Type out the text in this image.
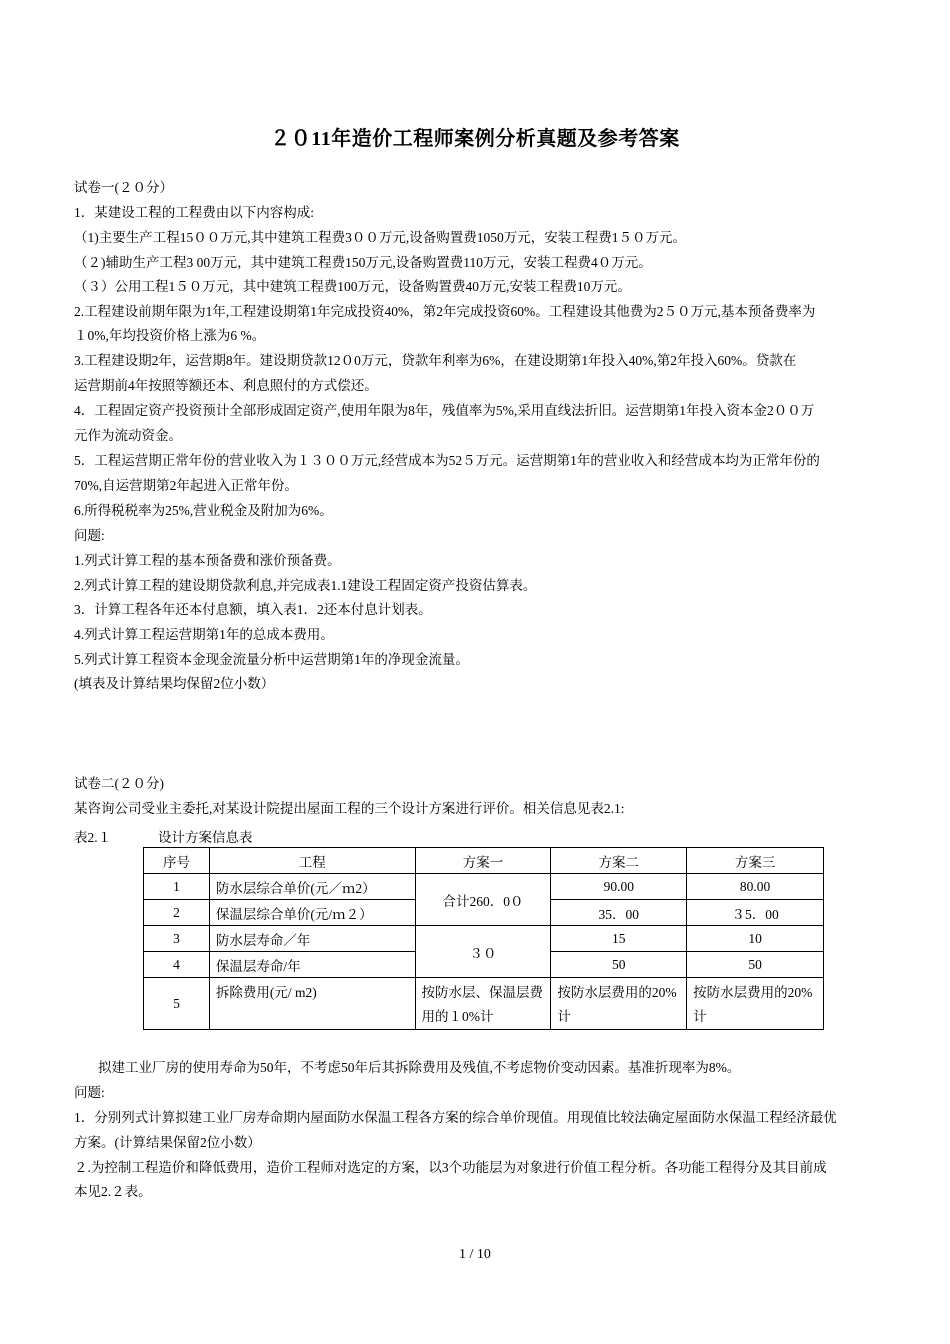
２０11年造价工程师案例分析真题及参考答案
试卷一(２０分）
1．某建设工程的工程费由以下内容构成:
（1)主要生产工程15００万元,其中建筑工程费3００万元,设备购置费1050万元，安装工程费1５０万元。
（２)辅助生产工程3 00万元，其中建筑工程费150万元,设备购置费110万元，安装工程费4０万元。
（３）公用工程1５０万元，其中建筑工程费100万元，设备购置费40万元,安装工程费10万元。
2.工程建设前期年限为1年,工程建设期第1年完成投资40%，第2年完成投资60%。工程建设其他费为2５０万元,基本预备费率为
１0%,年均投资价格上涨为6 %。
3.工程建设期2年，运营期8年。建设期贷款12０0万元，贷款年利率为6%，在建设期第1年投入40%,第2年投入60%。贷款在
运营期前4年按照等额还本、利息照付的方式偿还。
4．工程固定资产投资预计全部形成固定资产,使用年限为8年，残值率为5%,采用直线法折旧。运营期第1年投入资本金2００万
元作为流动资金。
5．工程运营期正常年份的营业收入为１３００万元,经营成本为52５万元。运营期第1年的营业收入和经营成本均为正常年份的
70%,自运营期第2年起进入正常年份。
6.所得税税率为25%,营业税金及附加为6%。
问题:
1.列式计算工程的基本预备费和涨价预备费。
2.列式计算工程的建设期贷款利息,并完成表1.1建设工程固定资产投资估算表。
3．计算工程各年还本付息额，填入表1．2还本付息计划表。
4.列式计算工程运营期第1年的总成本费用。
5.列式计算工程资本金现金流量分析中运营期第1年的净现金流量。
(填表及计算结果均保留2位小数）
试卷二(２０分)
某咨询公司受业主委托,对某设计院提出屋面工程的三个设计方案进行评价。相关信息见表2.1:
表2.１	设计方案信息表
序号	工程	方案一	方案二	方案三
1	防水层综合单价(元／ｍ2）	合计260．0０	90.00	80.00
2	保温层综合单价(元/ｍ２）		35．00	３5．00
3	防水层寿命／年	３０	15	10
4	保温层寿命/年		50	50
5	拆除费用(元/ m2)	按防水层、保温层费用的１0%计	按防水层费用的20%计	按防水层费用的20%计
拟建工业厂房的使用寿命为50年，不考虑50年后其拆除费用及残值,不考虑物价变动因素。基准折现率为8%。
问题:
1．分别列式计算拟建工业厂房寿命期内屋面防水保温工程各方案的综合单价现值。用现值比较法确定屋面防水保温工程经济最优
方案。(计算结果保留2位小数）
２.为控制工程造价和降低费用，造价工程师对选定的方案，以3个功能层为对象进行价值工程分析。各功能工程得分及其目前成
本见2.２表。
1 / 10
